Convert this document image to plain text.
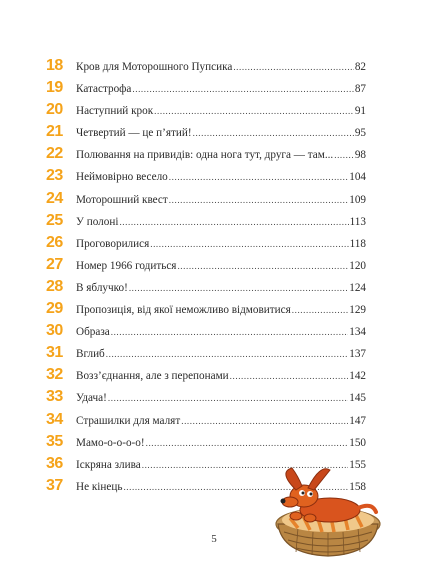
18	Кров для Моторошного Пупсика .....	82
19	Катастрофа .....	87
20	Наступний крок .....	91
21	Четвертий — це п’ятий! .....	95
22	Полювання на привидів: одна нога тут, друга — там... ..... 98
23	Неймовірно весело .....	104
24	Моторошний квест .....	109
25	У полоні .....	113
26	Проговорилися .....	118
27	Номер 1966 годиться .....	120
28	В яблучко! .....	124
29	Пропозиція, від якої неможливо відмовитися .....	129
30	Образа .....	134
31	Вглиб .....	137
32	Возз’єднання, але з перепонами .....	142
33	Удача! .....	145
34	Страшилки для малят .....	147
35	Мамо-о-о-о-о! .....	150
36	Іскряна злива .....	155
37	Не кінець .....	158
5
